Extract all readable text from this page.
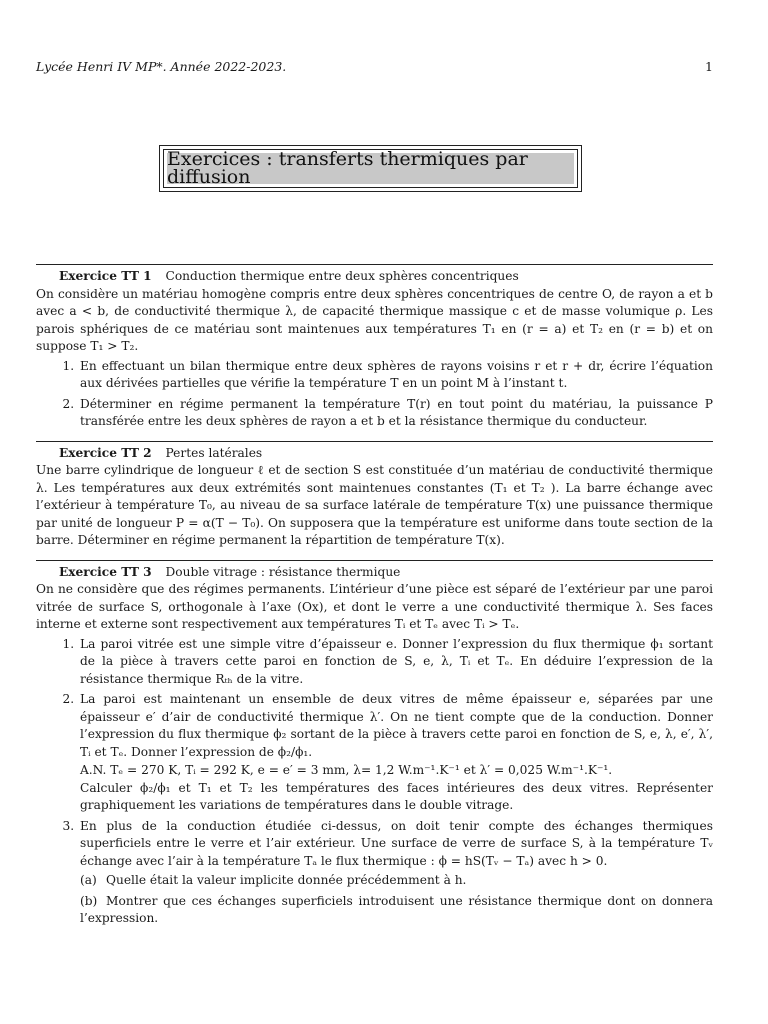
Lycée Henri IV MP*. Année 2022-2023.	1
Exercices : transferts thermiques par diffusion
Exercice TT 1 Conduction thermique entre deux sphères concentriques

On considère un matériau homogène compris entre deux sphères concentriques de centre O, de rayon a et b avec a < b, de conductivité thermique λ, de capacité thermique massique c et de masse volumique ρ. Les parois sphériques de ce matériau sont maintenues aux températures T₁ en (r = a) et T₂ en (r = b) et on suppose T₁ > T₂.

1. En effectuant un bilan thermique entre deux sphères de rayons voisins r et r + dr, écrire l’équation aux dérivées partielles que vérifie la température T en un point M à l’instant t.
2. Déterminer en régime permanent la température T(r) en tout point du matériau, la puissance P transférée entre les deux sphères de rayon a et b et la résistance thermique du conducteur.
Exercice TT 2 Pertes latérales

Une barre cylindrique de longueur ℓ et de section S est constituée d’un matériau de conductivité thermique λ. Les températures aux deux extrémités sont maintenues constantes (T₁ et T₂ ). La barre échange avec l’extérieur à température T₀, au niveau de sa surface latérale de température T(x) une puissance thermique par unité de longueur P = α(T − T₀). On supposera que la température est uniforme dans toute section de la barre. Déterminer en régime permanent la répartition de température T(x).

Exercice TT 3 Double vitrage : résistance thermique

On ne considère que des régimes permanents. L’intérieur d’une pièce est séparé de l’extérieur par une paroi vitrée de surface S, orthogonale à l’axe (Ox), et dont le verre a une conductivité thermique λ. Ses faces interne et externe sont respectivement aux températures Tᵢ et Tₑ avec Tᵢ > Tₑ.

1. La paroi vitrée est une simple vitre d’épaisseur e. Donner l’expression du flux thermique ϕ₁ sortant de la pièce à travers cette paroi en fonction de S, e, λ, Tᵢ et Tₑ. En déduire l’expression de la résistance thermique Rₜₕ de la vitre.
2. La paroi est maintenant un ensemble de deux vitres de même épaisseur e, séparées par une épaisseur e′ d’air de conductivité thermique λ′. On ne tient compte que de la conduction. Donner l’expression du flux thermique ϕ₂ sortant de la pièce à travers cette paroi en fonction de S, e, λ, e′, λ′, Tᵢ et Tₑ. Donner l’expression de ϕ₂/ϕ₁.
A.N. Tₑ = 270 K, Tᵢ = 292 K, e = e′ = 3 mm, λ= 1,2 W.m⁻¹.K⁻¹ et λ′ = 0,025 W.m⁻¹.K⁻¹.
Calculer ϕ₂/ϕ₁ et T₁ et T₂ les températures des faces intérieures des deux vitres. Représenter graphiquement les variations de températures dans le double vitrage.
3. En plus de la conduction étudiée ci-dessus, on doit tenir compte des échanges thermiques superficiels entre le verre et l’air extérieur. Une surface de verre de surface S, à la température Tᵥ échange avec l’air à la température Tₐ le flux thermique : ϕ = hS(Tᵥ − Tₐ) avec h > 0.
(a) Quelle était la valeur implicite donnée précédemment à h.
(b) Montrer que ces échanges superficiels introduisent une résistance thermique dont on donnera l’expression.
